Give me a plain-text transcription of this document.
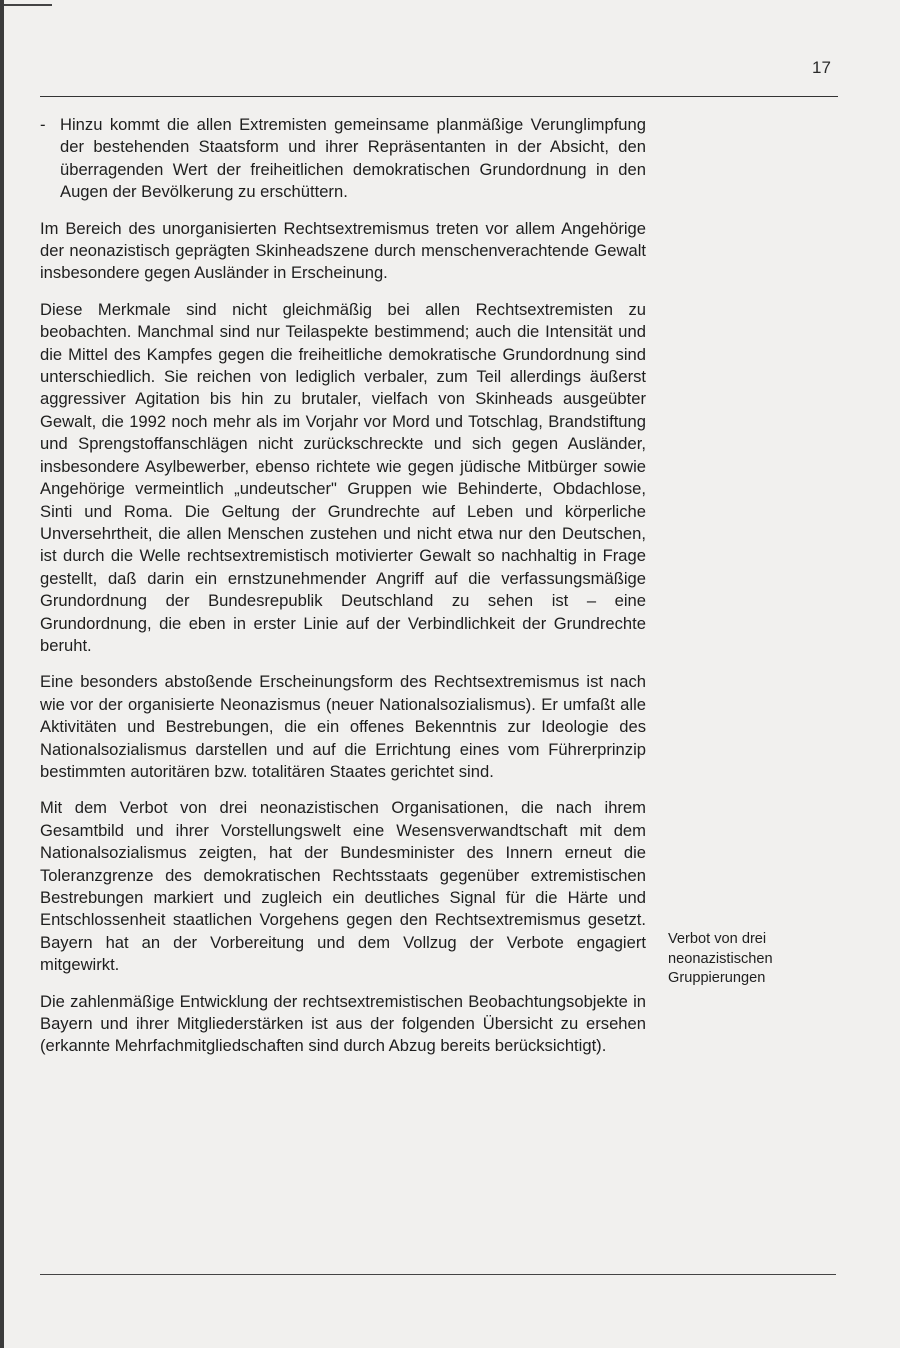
17
- Hinzu kommt die allen Extremisten gemeinsame planmäßige Verunglimpfung der bestehenden Staatsform und ihrer Repräsentanten in der Absicht, den überragenden Wert der freiheitlichen demokratischen Grundordnung in den Augen der Bevölkerung zu erschüttern.

Im Bereich des unorganisierten Rechtsextremismus treten vor allem Angehörige der neonazistisch geprägten Skinheadszene durch menschenverachtende Gewalt insbesondere gegen Ausländer in Erscheinung.

Diese Merkmale sind nicht gleichmäßig bei allen Rechtsextremisten zu beobachten. Manchmal sind nur Teilaspekte bestimmend; auch die Intensität und die Mittel des Kampfes gegen die freiheitliche demokratische Grundordnung sind unterschiedlich. Sie reichen von lediglich verbaler, zum Teil allerdings äußerst aggressiver Agitation bis hin zu brutaler, vielfach von Skinheads ausgeübter Gewalt, die 1992 noch mehr als im Vorjahr vor Mord und Totschlag, Brandstiftung und Sprengstoffanschlägen nicht zurückschreckte und sich gegen Ausländer, insbesondere Asylbewerber, ebenso richtete wie gegen jüdische Mitbürger sowie Angehörige vermeintlich „undeutscher" Gruppen wie Behinderte, Obdachlose, Sinti und Roma. Die Geltung der Grundrechte auf Leben und körperliche Unversehrtheit, die allen Menschen zustehen und nicht etwa nur den Deutschen, ist durch die Welle rechtsextremistisch motivierter Gewalt so nachhaltig in Frage gestellt, daß darin ein ernstzunehmender Angriff auf die verfassungsmäßige Grundordnung der Bundesrepublik Deutschland zu sehen ist – eine Grundordnung, die eben in erster Linie auf der Verbindlichkeit der Grundrechte beruht.

Eine besonders abstoßende Erscheinungsform des Rechtsextremismus ist nach wie vor der organisierte Neonazismus (neuer Nationalsozialismus). Er umfaßt alle Aktivitäten und Bestrebungen, die ein offenes Bekenntnis zur Ideologie des Nationalsozialismus darstellen und auf die Errichtung eines vom Führerprinzip bestimmten autoritären bzw. totalitären Staates gerichtet sind.

Mit dem Verbot von drei neonazistischen Organisationen, die nach ihrem Gesamtbild und ihrer Vorstellungswelt eine Wesensverwandtschaft mit dem Nationalsozialismus zeigten, hat der Bundesminister des Innern erneut die Toleranzgrenze des demokratischen Rechtsstaats gegenüber extremistischen Bestrebungen markiert und zugleich ein deutliches Signal für die Härte und Entschlossenheit staatlichen Vorgehens gegen den Rechtsextremismus gesetzt. Bayern hat an der Vorbereitung und dem Vollzug der Verbote engagiert mitgewirkt.

Die zahlenmäßige Entwicklung der rechtsextremistischen Beobachtungsobjekte in Bayern und ihrer Mitgliederstärken ist aus der folgenden Übersicht zu ersehen (erkannte Mehrfachmitgliedschaften sind durch Abzug bereits berücksichtigt).

Verbot von drei neonazistischen Gruppierungen
